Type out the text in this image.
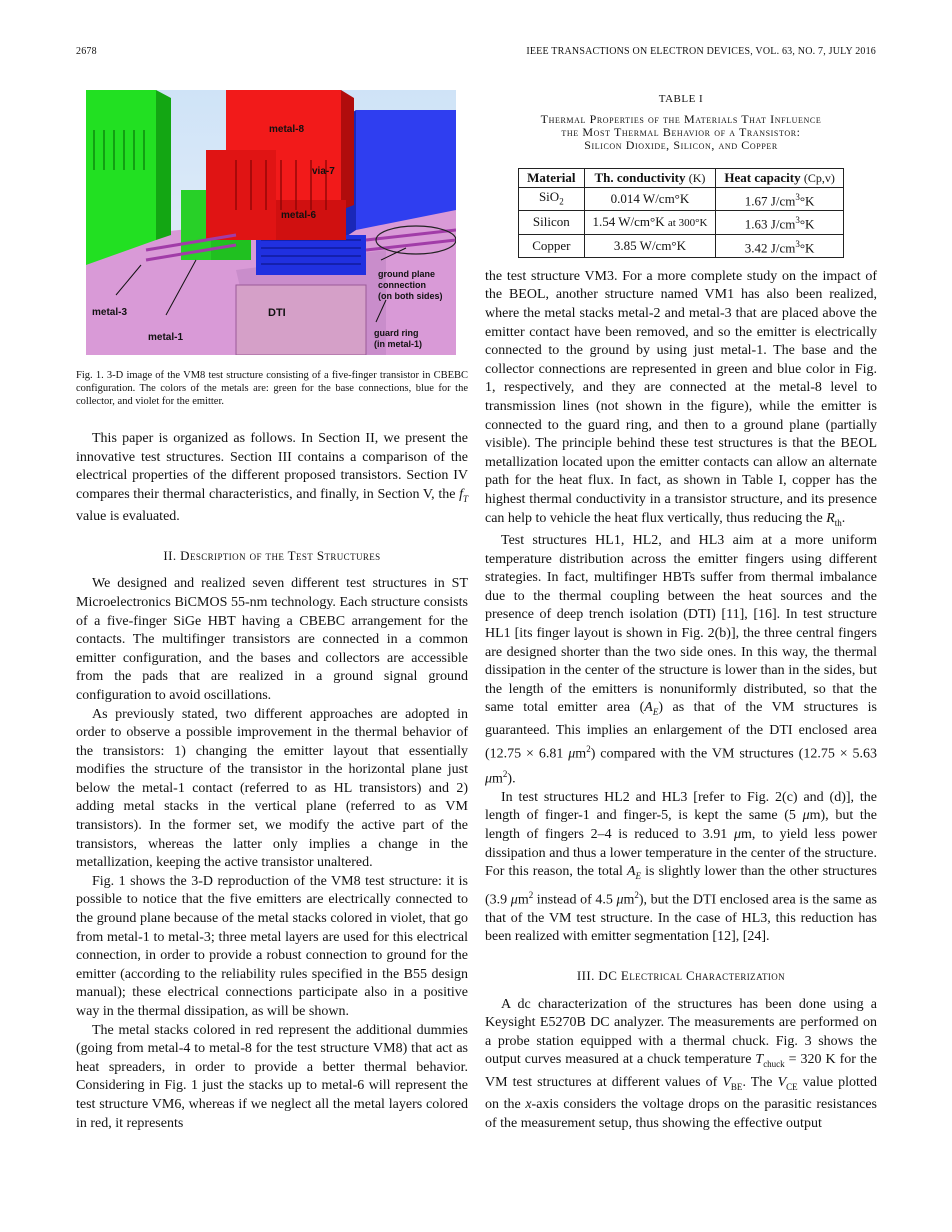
2678	IEEE TRANSACTIONS ON ELECTRON DEVICES, VOL. 63, NO. 7, JULY 2016
metal-8
via-7
metal-6
metal-3
metal-1
DTI
ground plane
connection
(on both sides)
guard ring
(in metal-1)
Fig. 1. 3-D image of the VM8 test structure consisting of a five-finger transistor in CBEBC configuration. The colors of the metals are: green for the base connections, blue for the collector, and violet for the emitter.

This paper is organized as follows. In Section II, we present the innovative test structures. Section III contains a comparison of the electrical properties of the different proposed transistors. Section IV compares their thermal characteristics, and finally, in Section V, the $f_T$ value is evaluated.

II. Description of the Test Structures

We designed and realized seven different test structures in ST Microelectronics BiCMOS 55-nm technology. Each structure consists of a five-finger SiGe HBT having a CBEBC arrangement for the contacts. The multifinger transistors are connected in a common emitter configuration, and the bases and collectors are accessible from the pads that are realized in a ground signal ground configuration to avoid oscillations.

As previously stated, two different approaches are adopted in order to observe a possible improvement in the thermal behavior of the transistors: 1) changing the emitter layout that essentially modifies the structure of the transistor in the horizontal plane just below the metal-1 contact (referred to as HL transistors) and 2) adding metal stacks in the vertical plane (referred to as VM transistors). In the former set, we modify the active part of the transistors, whereas the latter only implies a change in the metallization, keeping the active transistor unaltered.

Fig. 1 shows the 3-D reproduction of the VM8 test structure: it is possible to notice that the five emitters are electrically connected to the ground plane because of the metal stacks colored in violet, that go from metal-1 to metal-3; three metal layers are used for this electrical connection, in order to provide a robust connection to ground for the emitter (according to the reliability rules specified in the B55 design manual); these electrical connections participate also in a positive way in the thermal dissipation, as will be shown.

The metal stacks colored in red represent the additional dummies (going from metal-4 to metal-8 for the test structure VM8) that act as heat spreaders, in order to provide a better thermal behavior. Considering in Fig. 1 just the stacks up to metal-6 will represent the test structure VM6, whereas if we neglect all the metal layers colored in red, it represents

TABLE I
Thermal Properties of the Materials That Influence
the Most Thermal Behavior of a Transistor:
Silicon Dioxide, Silicon, and Copper
Material	Th. conductivity (K)	Heat capacity (Cp,v)
SiO$_2$	0.014 W/cm°K	1.67 $J/cm^3^\circ K$
Silicon	1.54 W/cm°K at 300°K	1.63 $J/cm^3^\circ K$
Copper	3.85 W/cm°K	3.42 $J/cm^3^\circ K$

the test structure VM3. For a more complete study on the impact of the BEOL, another structure named VM1 has also been realized, where the metal stacks metal-2 and metal-3 that are placed above the emitter contact have been removed, and so the emitter is electrically connected to the ground by using just metal-1. The base and the collector connections are represented in green and blue color in Fig. 1, respectively, and they are connected at the metal-8 level to transmission lines (not shown in the figure), while the emitter is connected to the guard ring, and then to a ground plane (partially visible). The principle behind these test structures is that the BEOL metallization located upon the emitter contacts can allow an alternate path for the heat flux. In fact, as shown in Table I, copper has the highest thermal conductivity in a transistor structure, and its presence can help to vehicle the heat flux vertically, thus reducing the $R_{th}$.

Test structures HL1, HL2, and HL3 aim at a more uniform temperature distribution across the emitter fingers using different strategies. In fact, multifinger HBTs suffer from thermal imbalance due to the thermal coupling between the heat sources and the presence of deep trench isolation (DTI) [11], [16]. In test structure HL1 [its finger layout is shown in Fig. 2(b)], the three central fingers are designed shorter than the two side ones. In this way, the thermal dissipation in the center of the structure is lower than in the sides, but the length of the emitters is nonuniformly distributed, so that the same total emitter area $(A_E)$ as that of the VM structures is guaranteed. This implies an enlargement of the DTI enclosed area (12.75 × 6.81 $\mu m^2$) compared with the VM structures (12.75 × 5.63 $\mu m^2$).

In test structures HL2 and HL3 [refer to Fig. 2(c) and (d)], the length of finger-1 and finger-5, is kept the same (5 μm), but the length of fingers 2–4 is reduced to 3.91 μm, to yield less power dissipation and thus a lower temperature in the center of the structure. For this reason, the total $A_E$ is slightly lower than the other structures (3.9 $\mu m^2$ instead of 4.5 $\mu m^2$), but the DTI enclosed area is the same as that of the VM test structure. In the case of HL3, this reduction has been realized with emitter segmentation [12], [24].

III. DC Electrical Characterization

A dc characterization of the structures has been done using a Keysight E5270B DC analyzer. The measurements are performed on a probe station equipped with a thermal chuck. Fig. 3 shows the output curves measured at a chuck temperature $T_{chuck} = 320$ K for the VM test structures at different values of $V_{BE}$. The $V_{CE}$ value plotted on the x-axis considers the voltage drops on the parasitic resistances of the measurement setup, thus showing the effective output
